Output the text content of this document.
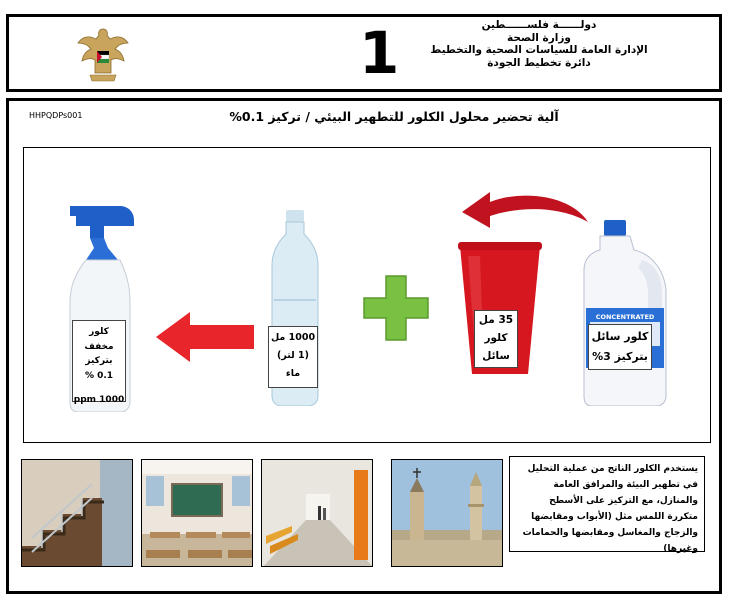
دولــــــة فلســــــطين
وزارة الصحة
الإدارة العامة للسياسات الصحية والتخطيط
دائرة تخطيط الجودة
1
HHPQDPs001	آلية تحضير محلول الكلور للتطهير البيئي / تركيز 0.1%
CONCENTRATED
كلور سائل
بتركيز 3%
35 مل
كلور
سائل
1000 مل
(1 لتر)
ماء
كلور مخفف
بتركيز
0.1 %
1000 ppm
يستخدم الكلور الناتج من عملية التحليل في تطهير البيئة والمرافق العامة والمنازل، مع التركيز على الأسطح متكررة اللمس مثل (الأبواب ومقابضها والزجاج والمغاسل ومقابضها والحمامات وغيرها)
